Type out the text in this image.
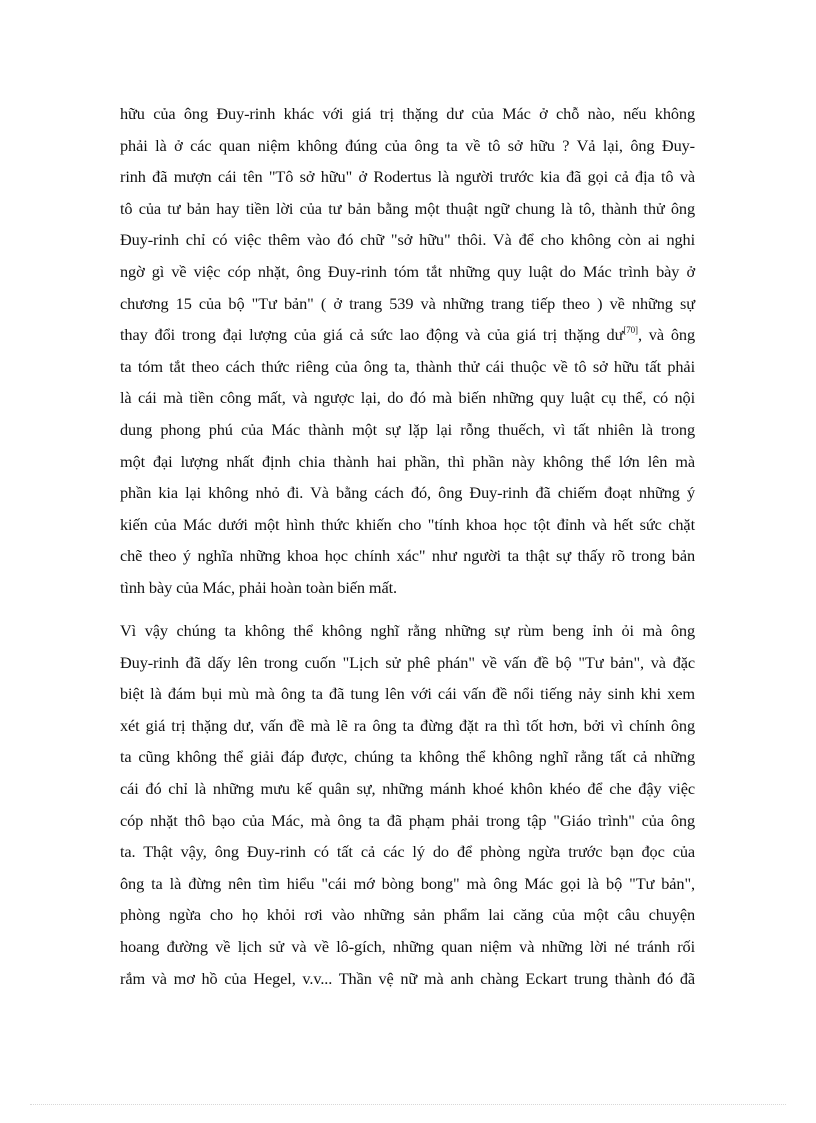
hữu của ông Đuy-rinh khác với giá trị thặng dư của Mác ở chỗ nào, nếu không
phải là ở các quan niệm không đúng của ông ta về tô sở hữu ? Vả lại, ông Đuy-
rinh đã mượn cái tên "Tô sở hữu" ở Rodertus là người trước kia đã gọi cả địa tô và
tô của tư bản hay tiền lời của tư bản bằng một thuật ngữ chung là tô, thành thử ông
Đuy-rinh chỉ có việc thêm vào đó chữ "sở hữu" thôi. Và để cho không còn ai nghi
ngờ gì về việc cóp nhặt, ông Đuy-rinh tóm tắt những quy luật do Mác trình bày ở
chương 15 của bộ "Tư bản" ( ở trang 539 và những trang tiếp theo ) về những sự
thay đổi trong đại lượng của giá cả sức lao động và của giá trị thặng dư[70], và ông
ta tóm tắt theo cách thức riêng của ông ta, thành thử cái thuộc về tô sở hữu tất phải
là cái mà tiền công mất, và ngược lại, do đó mà biến những quy luật cụ thể, có nội
dung phong phú của Mác thành một sự lặp lại rỗng thuếch, vì tất nhiên là trong
một đại lượng nhất định chia thành hai phần, thì phần này không thể lớn lên mà
phần kia lại không nhỏ đi. Và bằng cách đó, ông Đuy-rinh đã chiếm đoạt những ý
kiến của Mác dưới một hình thức khiến cho "tính khoa học tột đỉnh và hết sức chặt
chẽ theo ý nghĩa những khoa học chính xác" như người ta thật sự thấy rõ trong bản
tình bày của Mác, phải hoàn toàn biến mất.
Vì vậy chúng ta không thể không nghĩ rằng những sự rùm beng ỉnh ỏi mà ông
Đuy-rinh đã dấy lên trong cuốn "Lịch sử phê phán" về vấn đề bộ "Tư bản", và đặc
biệt là đám bụi mù mà ông ta đã tung lên với cái vấn đề nổi tiếng nảy sinh khi xem
xét giá trị thặng dư, vấn đề mà lẽ ra ông ta đừng đặt ra thì tốt hơn, bởi vì chính ông
ta cũng không thể giải đáp được, chúng ta không thể không nghĩ rằng tất cả những
cái đó chỉ là những mưu kế quân sự, những mánh khoé khôn khéo để che đậy việc
cóp nhặt thô bạo của Mác, mà ông ta đã phạm phải trong tập "Giáo trình" của ông
ta. Thật vậy, ông Đuy-rinh có tất cả các lý do để phòng ngừa trước bạn đọc của
ông ta là đừng nên tìm hiểu "cái mớ bòng bong" mà ông Mác gọi là bộ "Tư bản",
phòng ngừa cho họ khỏi rơi vào những sản phẩm lai căng của một câu chuyện
hoang đường về lịch sử và về lô-gích, những quan niệm và những lời né tránh rối
rắm và mơ hồ của Hegel, v.v... Thần vệ nữ mà anh chàng Eckart trung thành đó đã
